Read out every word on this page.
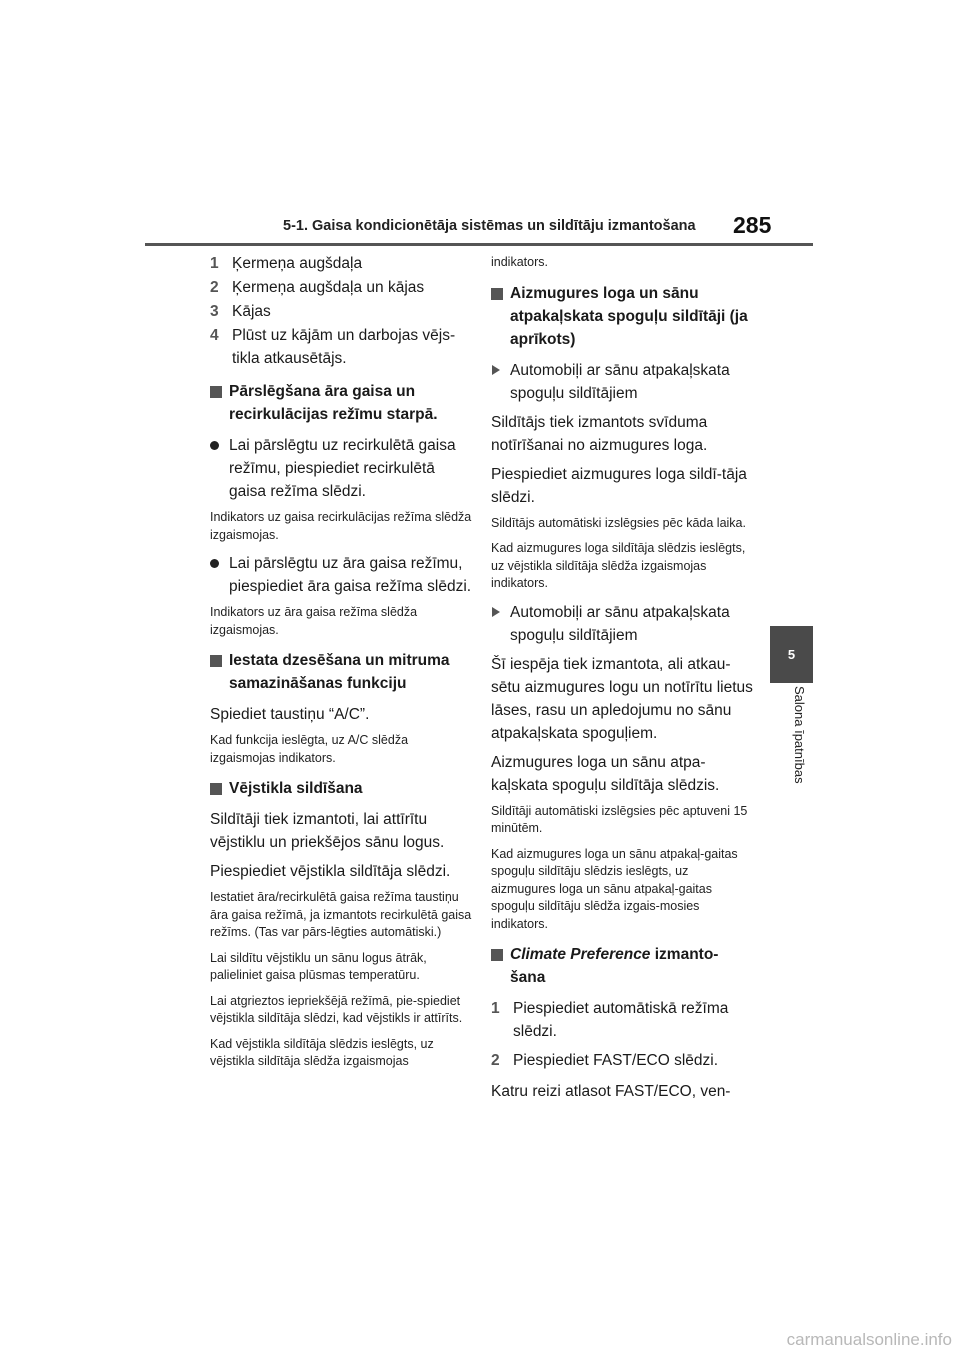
5-1. Gaisa kondicionētāja sistēmas un sildītāju izmantošana 285
5
Salona īpatnības
1 Ķermeņa augšdaļa
2 Ķermeņa augšdaļa un kājas
3 Kājas
4 Plūst uz kājām un darbojas vējs-tikla atkausētājs.
Pārslēgšana āra gaisa un recirkulācijas režīmu starpā.
Lai pārslēgtu uz recirkulētā gaisa režīmu, piespiediet recirkulētā gaisa režīma slēdzi.
Indikators uz gaisa recirkulācijas režīma slēdža izgaismojas.
Lai pārslēgtu uz āra gaisa režīmu, piespiediet āra gaisa režīma slēdzi.
Indikators uz āra gaisa režīma slēdža izgaismojas.
Iestata dzesēšana un mitruma samazināšanas funkciju
Spiediet taustiņu “A/C”.
Kad funkcija ieslēgta, uz A/C slēdža izgaismojas indikators.
Vējstikla sildīšana
Sildītāji tiek izmantoti, lai attīrītu vējstiklu un priekšējos sānu logus.
Piespiediet vējstikla sildītāja slēdzi.
Iestatiet āra/recirkulētā gaisa režīma taustiņu āra gaisa režīmā, ja izmantots recirkulētā gaisa režīms. (Tas var pārs-lēgties automātiski.)
Lai sildītu vējstiklu un sānu logus ātrāk, palieliniet gaisa plūsmas temperatūru.
Lai atgrieztos iepriekšējā režīmā, pie-spiediet vējstikla sildītāja slēdzi, kad vējstikls ir attīrīts.
Kad vējstikla sildītāja slēdzis ieslēgts, uz vējstikla sildītāja slēdža izgaismojas
indikators.
Aizmugures loga un sānu atpakaļskata spoguļu sildītāji (ja aprīkots)
Automobiļi ar sānu atpakaļskata spoguļu sildītājiem
Sildītājs tiek izmantots svīduma notīrīšanai no aizmugures loga.
Piespiediet aizmugures loga sildī-tāja slēdzi.
Sildītājs automātiski izslēgsies pēc kāda laika.
Kad aizmugures loga sildītāja slēdzis ieslēgts, uz vējstikla sildītāja slēdža izgaismojas indikators.
Automobiļi ar sānu atpakaļskata spoguļu sildītājiem
Šī iespēja tiek izmantota, ali atkau-sētu aizmugures logu un notīrītu lietus lāses, rasu un apledojumu no sānu atpakaļskata spoguļiem.
Aizmugures loga un sānu atpa-kaļskata spoguļu sildītāja slēdzis.
Sildītāji automātiski izslēgsies pēc aptuveni 15 minūtēm.
Kad aizmugures loga un sānu atpakaļ-gaitas spoguļu sildītāju slēdzis ieslēgts, uz aizmugures loga un sānu atpakaļ-gaitas spoguļu sildītāju slēdža izgais-mosies indikators.
Climate Preference izmanto-šana
1 Piespiediet automātiskā režīma slēdzi.
2 Piespiediet FAST/ECO slēdzi.
Katru reizi atlasot FAST/ECO, ven-
carmanualsonline.info
